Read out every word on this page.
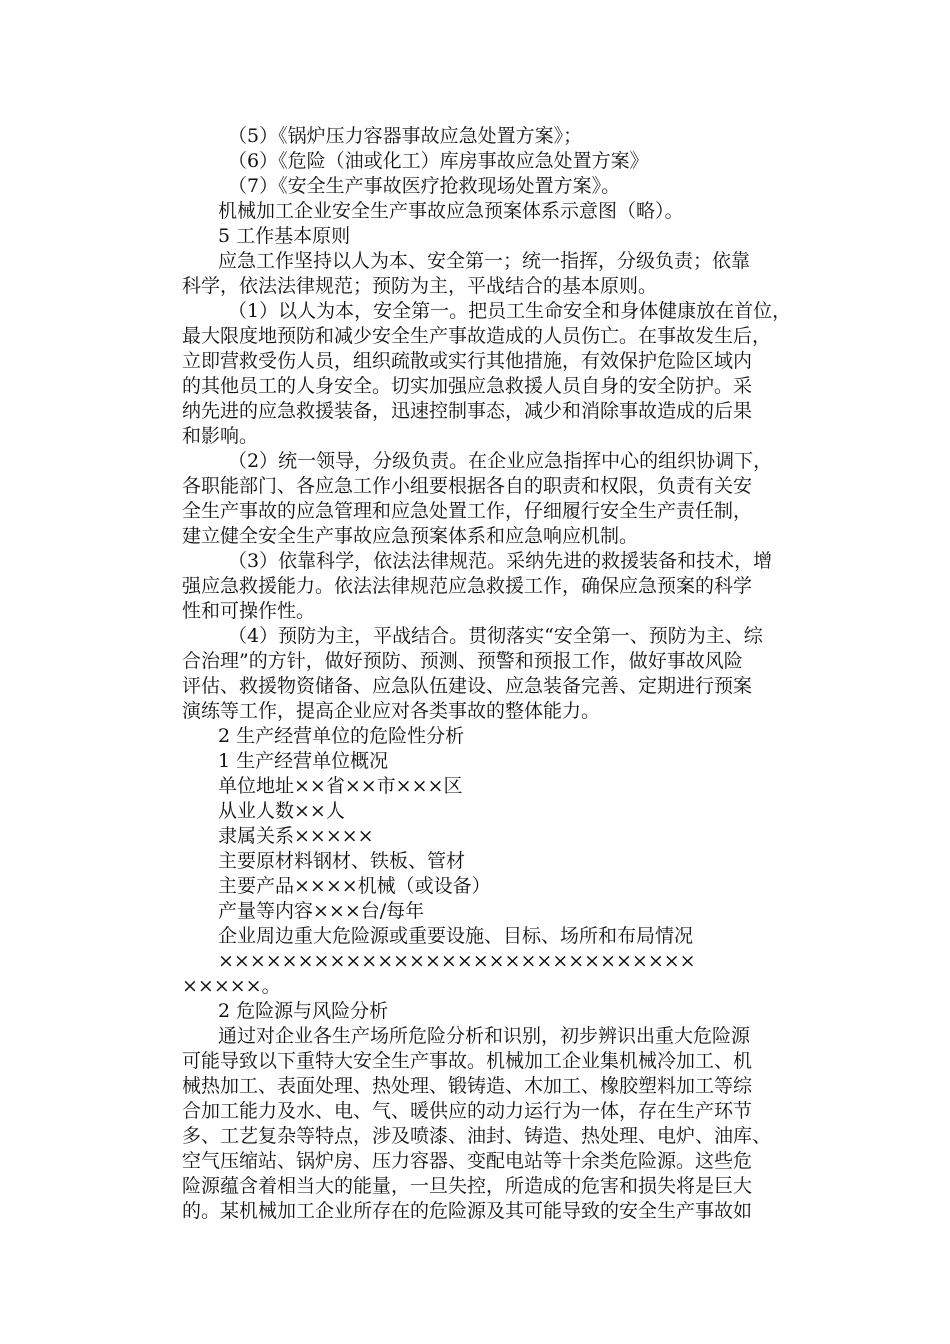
（5）《锅炉压力容器事故应急处置方案》；
（6）《危险（油或化工）库房事故应急处置方案》
（7）《安全生产事故医疗抢救现场处置方案》。
机械加工企业安全生产事故应急预案体系示意图（略）。
5 工作基本原则
应急工作坚持以人为本、安全第一；统一指挥，分级负责；依靠
科学，依法法律规范；预防为主，平战结合的基本原则。
（1）以人为本，安全第一。把员工生命安全和身体健康放在首位，
最大限度地预防和减少安全生产事故造成的人员伤亡。在事故发生后，
立即营救受伤人员，组织疏散或实行其他措施，有效保护危险区域内
的其他员工的人身安全。切实加强应急救援人员自身的安全防护。采
纳先进的应急救援装备，迅速控制事态，减少和消除事故造成的后果
和影响。
（2）统一领导，分级负责。在企业应急指挥中心的组织协调下，
各职能部门、各应急工作小组要根据各自的职责和权限，负责有关安
全生产事故的应急管理和应急处置工作，仔细履行安全生产责任制，
建立健全安全生产事故应急预案体系和应急响应机制。
（3）依靠科学，依法法律规范。采纳先进的救援装备和技术，增
强应急救援能力。依法法律规范应急救援工作，确保应急预案的科学
性和可操作性。
（4）预防为主，平战结合。贯彻落实“安全第一、预防为主、综
合治理”的方针，做好预防、预测、预警和预报工作，做好事故风险
评估、救援物资储备、应急队伍建设、应急装备完善、定期进行预案
演练等工作，提高企业应对各类事故的整体能力。
2 生产经营单位的危险性分析
1 生产经营单位概况
单位地址××省××市×××区
从业人数××人
隶属关系×××××
主要原材料钢材、铁板、管材
主要产品××××机械（或设备）
产量等内容×××台/每年
企业周边重大危险源或重要设施、目标、场所和布局情况
××××××××××××××××××××××××××××××
×××××。
2 危险源与风险分析
通过对企业各生产场所危险分析和识别，初步辨识出重大危险源
可能导致以下重特大安全生产事故。机械加工企业集机械冷加工、机
械热加工、表面处理、热处理、锻铸造、木加工、橡胶塑料加工等综
合加工能力及水、电、气、暖供应的动力运行为一体，存在生产环节
多、工艺复杂等特点，涉及喷漆、油封、铸造、热处理、电炉、油库、
空气压缩站、锅炉房、压力容器、变配电站等十余类危险源。这些危
险源蕴含着相当大的能量，一旦失控，所造成的危害和损失将是巨大
的。某机械加工企业所存在的危险源及其可能导致的安全生产事故如
